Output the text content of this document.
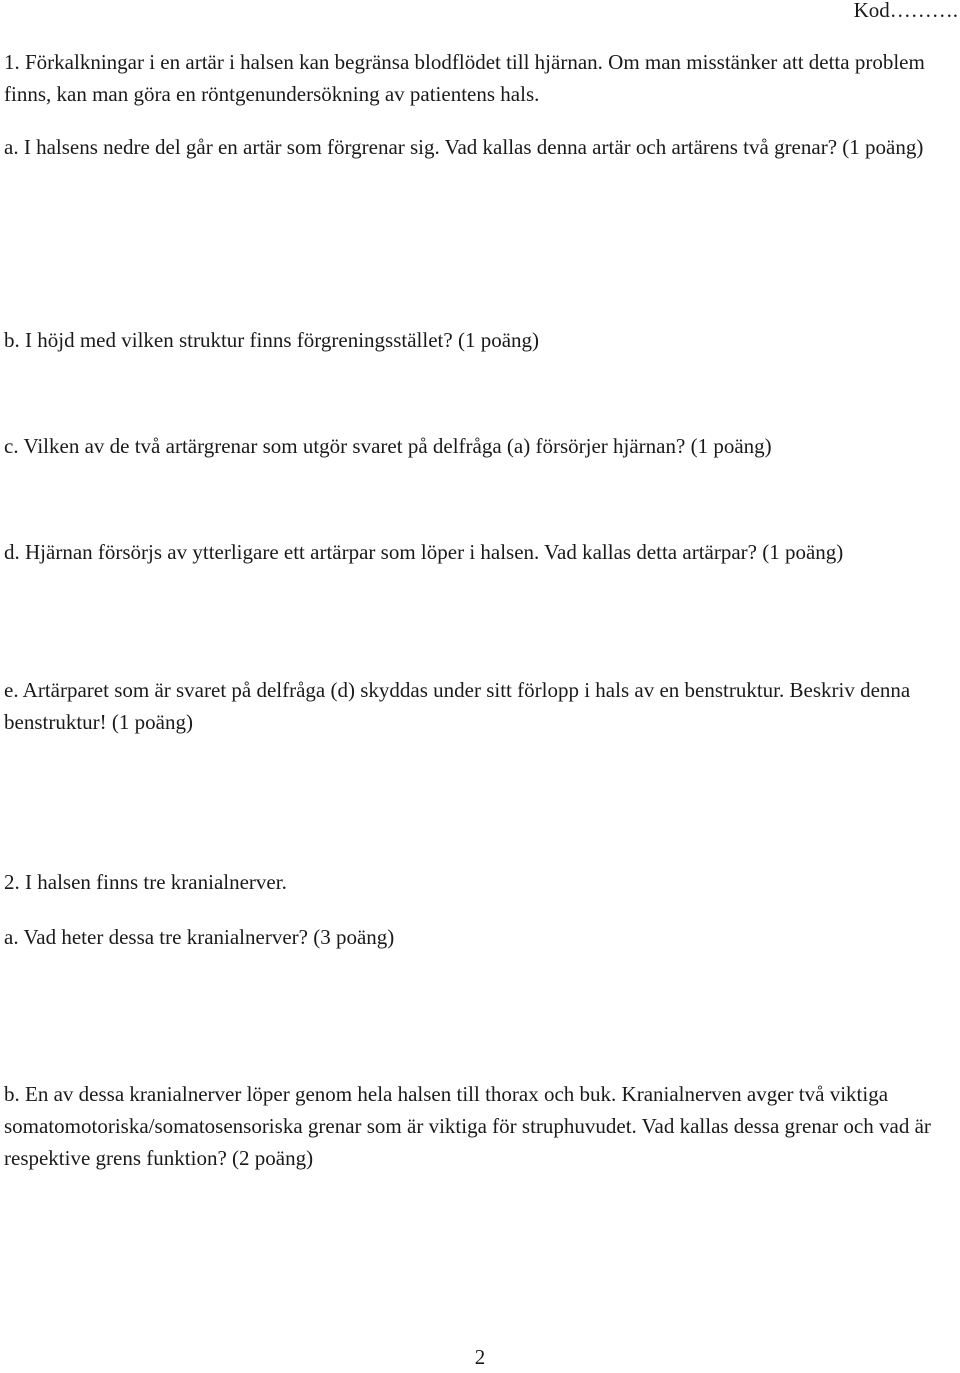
Kod……….

1. Förkalkningar i en artär i halsen kan begränsa blodflödet till hjärnan. Om man misstänker att detta problem finns, kan man göra en röntgenundersökning av patientens hals.

a. I halsens nedre del går en artär som förgrenar sig. Vad kallas denna artär och artärens två grenar? (1 poäng)

b. I höjd med vilken struktur finns förgreningsstället? (1 poäng)

c. Vilken av de två artärgrenar som utgör svaret på delfråga (a) försörjer hjärnan? (1 poäng)

d. Hjärnan försörjs av ytterligare ett artärpar som löper i halsen. Vad kallas detta artärpar? (1 poäng)

e. Artärparet som är svaret på delfråga (d) skyddas under sitt förlopp i hals av en benstruktur. Beskriv denna benstruktur! (1 poäng)

2. I halsen finns tre kranialnerver.

a. Vad heter dessa tre kranialnerver? (3 poäng)

b. En av dessa kranialnerver löper genom hela halsen till thorax och buk. Kranialnerven avger två viktiga somatomotoriska/somatosensoriska grenar som är viktiga för struphuvudet. Vad kallas dessa grenar och vad är respektive grens funktion? (2 poäng)

2
